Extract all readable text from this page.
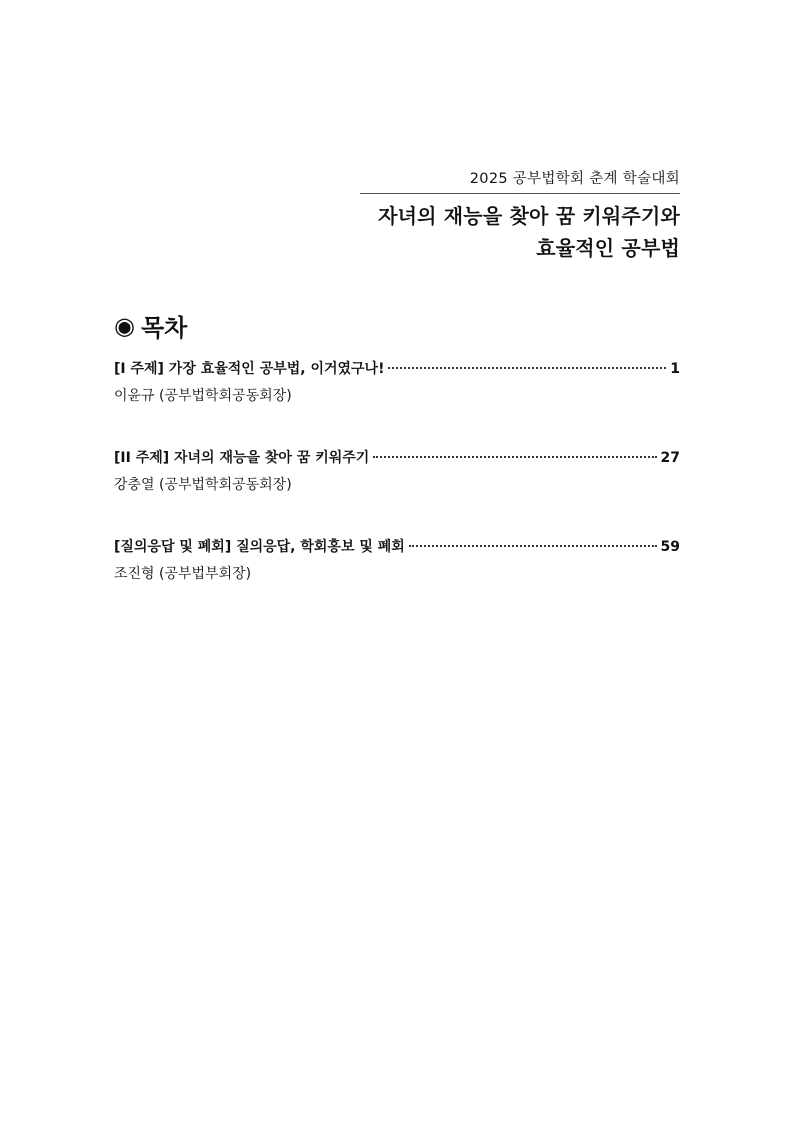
2025 공부법학회 춘계 학술대회
자녀의 재능을 찾아 꿈 키워주기와
효율적인 공부법
◉ 목차
[I 주제] 가장 효율적인 공부법, 이거였구나!	1
이윤규 (공부법학회공동회장)
[II 주제] 자녀의 재능을 찾아 꿈 키워주기	27
강충열 (공부법학회공동회장)
[질의응답 및 폐회] 질의응답, 학회홍보 및 폐회	59
조진형 (공부법부회장)
